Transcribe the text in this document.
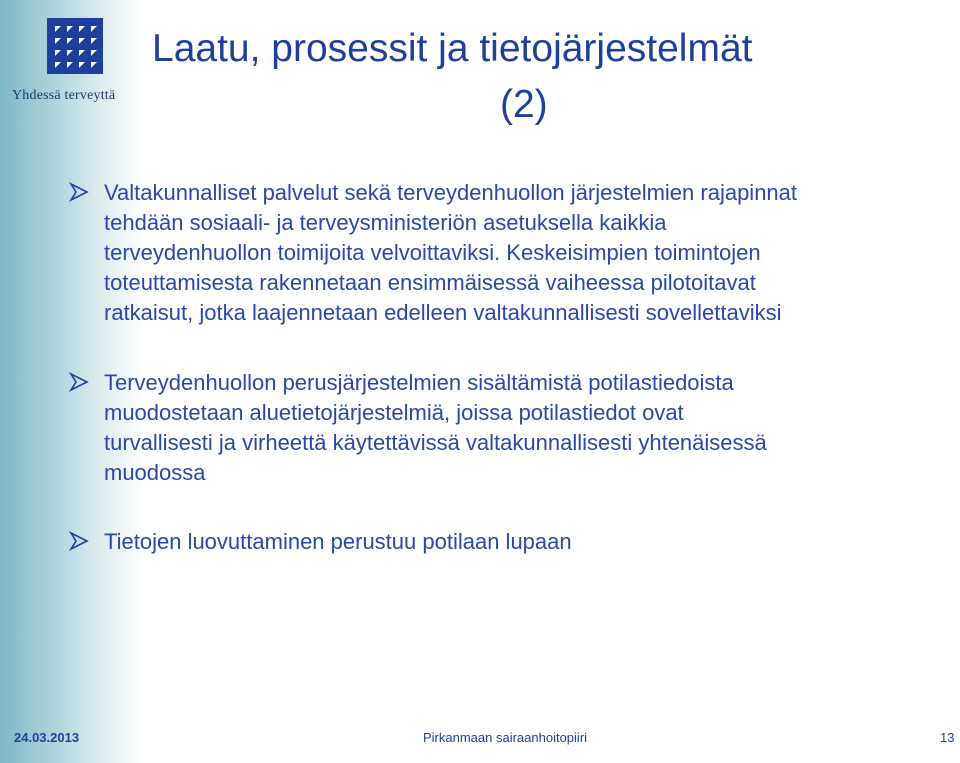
Yhdessä terveyttä
Laatu, prosessit ja tietojärjestelmät
(2)
Valtakunnalliset palvelut sekä terveydenhuollon järjestelmien rajapinnat
tehdään sosiaali- ja terveysministeriön asetuksella kaikkia
terveydenhuollon toimijoita velvoittaviksi. Keskeisimpien toimintojen
toteuttamisesta rakennetaan ensimmäisessä vaiheessa pilotoitavat
ratkaisut, jotka laajennetaan edelleen valtakunnallisesti sovellettaviksi
Terveydenhuollon perusjärjestelmien sisältämistä potilastiedoista
muodostetaan aluetietojärjestelmiä, joissa potilastiedot ovat
turvallisesti ja virheettä käytettävissä valtakunnallisesti yhtenäisessä
muodossa
Tietojen luovuttaminen perustuu potilaan lupaan
24.03.2013	Pirkanmaan sairaanhoitopiiri	13
